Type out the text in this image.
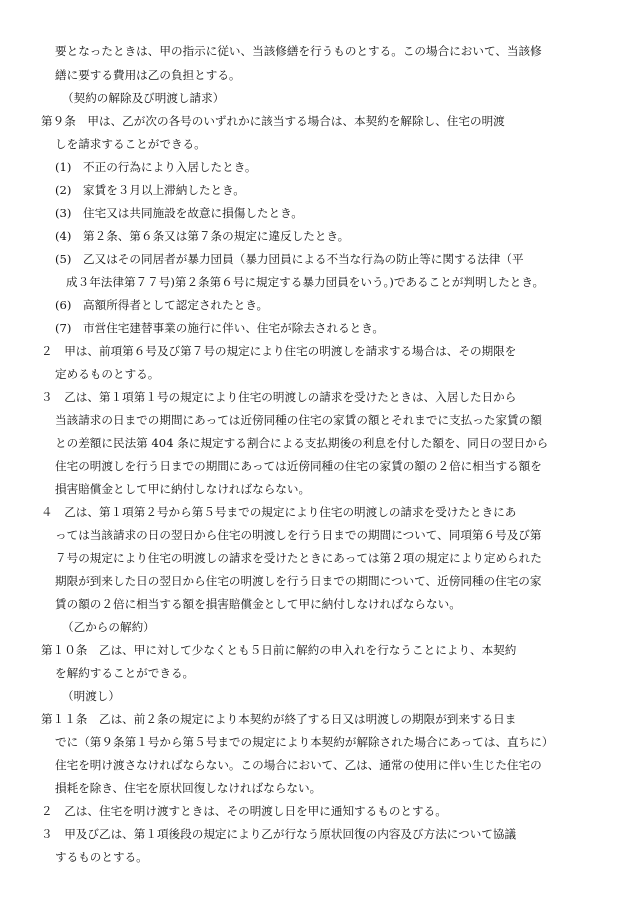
要となったときは、甲の指示に従い、当該修繕を行うものとする。この場合において、当該修
繕に要する費用は乙の負担とする。
（契約の解除及び明渡し請求）
第９条　甲は、乙が次の各号のいずれかに該当する場合は、本契約を解除し、住宅の明渡
しを請求することができる。
(1)　不正の行為により入居したとき。
(2)　家賃を３月以上滞納したとき。
(3)　住宅又は共同施設を故意に損傷したとき。
(4)　第２条、第６条又は第７条の規定に違反したとき。
(5)　乙又はその同居者が暴力団員（暴力団員による不当な行為の防止等に関する法律（平
成３年法律第７７号)第２条第６号に規定する暴力団員をいう。)であることが判明したとき。
(6)　高額所得者として認定されたとき。
(7)　市営住宅建替事業の施行に伴い、住宅が除去されるとき。
２　甲は、前項第６号及び第７号の規定により住宅の明渡しを請求する場合は、その期限を
定めるものとする。
３　乙は、第１項第１号の規定により住宅の明渡しの請求を受けたときは、入居した日から
当該請求の日までの期間にあっては近傍同種の住宅の家賃の額とそれまでに支払った家賃の額
との差額に民法第 404 条に規定する割合による支払期後の利息を付した額を、同日の翌日から
住宅の明渡しを行う日までの期間にあっては近傍同種の住宅の家賃の額の２倍に相当する額を
損害賠償金として甲に納付しなければならない。
４　乙は、第１項第２号から第５号までの規定により住宅の明渡しの請求を受けたときにあ
っては当該請求の日の翌日から住宅の明渡しを行う日までの期間について、同項第６号及び第
７号の規定により住宅の明渡しの請求を受けたときにあっては第２項の規定により定められた
期限が到来した日の翌日から住宅の明渡しを行う日までの期間について、近傍同種の住宅の家
賃の額の２倍に相当する額を損害賠償金として甲に納付しなければならない。
（乙からの解約）
第１０条　乙は、甲に対して少なくとも５日前に解約の申入れを行なうことにより、本契約
を解約することができる。
（明渡し）
第１１条　乙は、前２条の規定により本契約が終了する日又は明渡しの期限が到来する日ま
でに（第９条第１号から第５号までの規定により本契約が解除された場合にあっては、直ちに）
住宅を明け渡さなければならない。この場合において、乙は、通常の使用に伴い生じた住宅の
損耗を除き、住宅を原状回復しなければならない。
２　乙は、住宅を明け渡すときは、その明渡し日を甲に通知するものとする。
３　甲及び乙は、第１項後段の規定により乙が行なう原状回復の内容及び方法について協議
するものとする。
